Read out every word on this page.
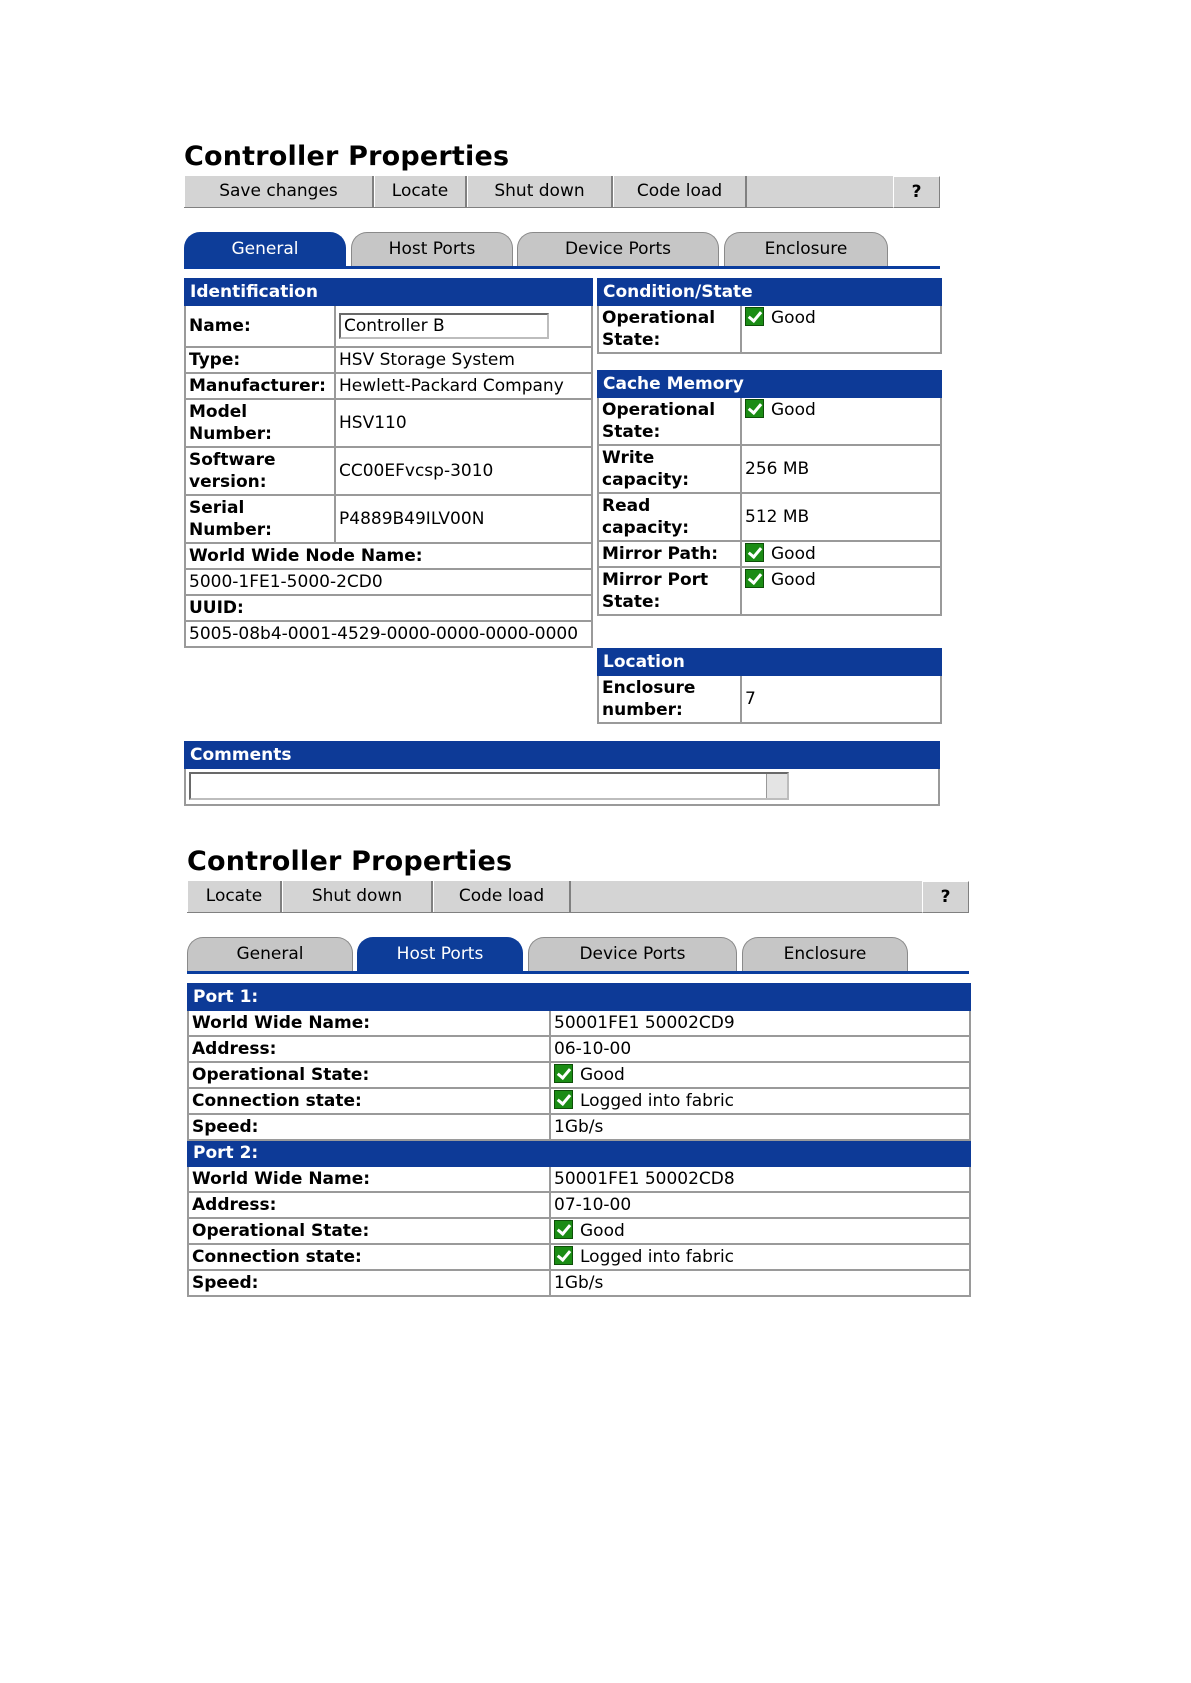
Controller Properties
Save changes	Locate	Shut down	Code load	?
General	Host Ports	Device Ports	Enclosure
Identification	
Name:	Controller B

Type:	HSV Storage System
Manufacturer:	Hewlett-Packard Company
Model Number:	HSV110
Software version:	CC00EFvcsp-3010
Serial Number:	P4889B49ILV00N
World Wide Node Name:	
5000-1FE1-5000-2CD0	
UUID:	
5005-08b4-0001-4529-0000-0000-0000-0000	
Condition/State
Operational State:	Good
Cache Memory	
Operational State:	Good
Write capacity:	256 MB
Read capacity:	512 MB
Mirror Path:	Good
Mirror Port State:	Good
Location
Enclosure number:	7
Comments

Controller Properties
Locate	Shut down	Code load	?
General	Host Ports	Device Ports	Enclosure
Port 1:	
World Wide Name:	50001FE1 50002CD9
Address:	06-10-00
Operational State:	Good
Connection state:	Logged into fabric
Speed:	1Gb/s
Port 2:	
World Wide Name:	50001FE1 50002CD8
Address:	07-10-00
Operational State:	Good
Connection state:	Logged into fabric
Speed:	1Gb/s
